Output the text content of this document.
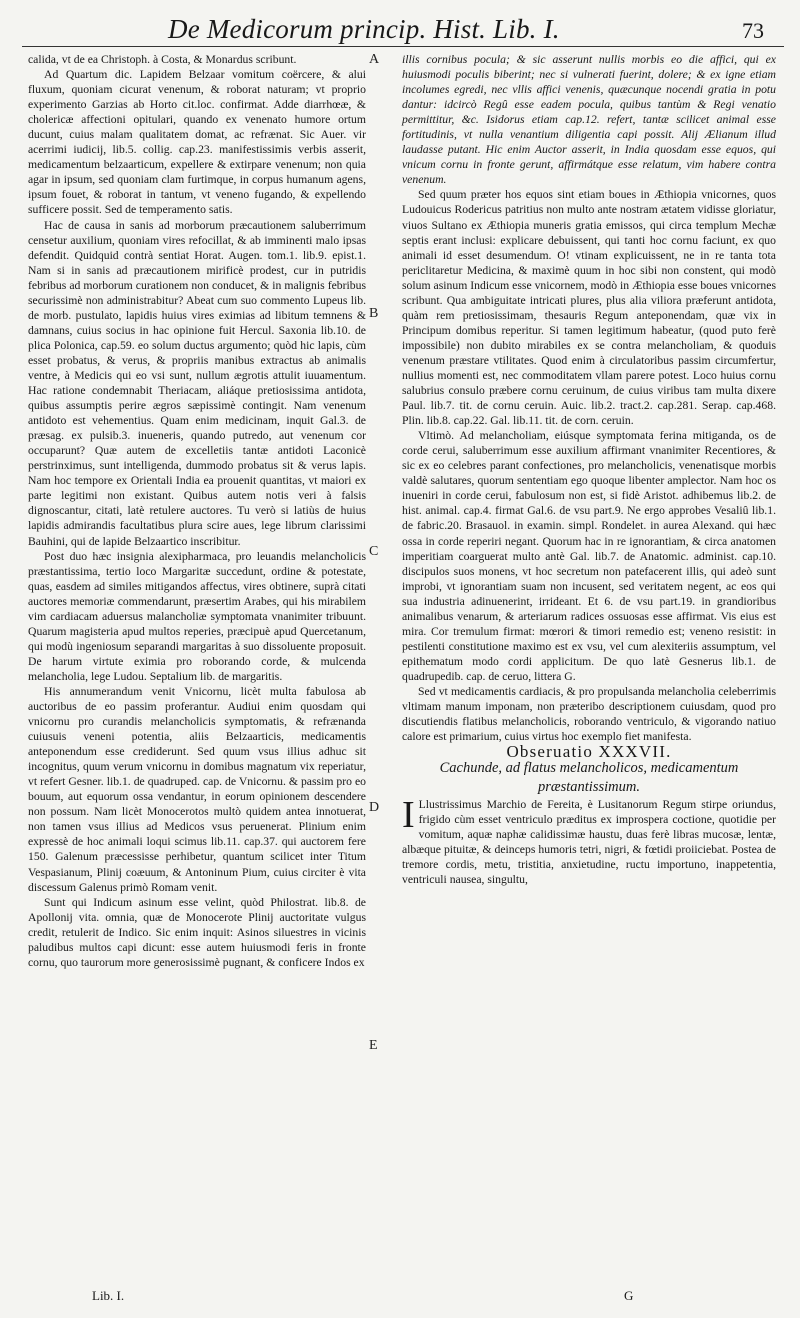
De Medicorum princip. Hist. Lib. I.	73

calida, vt de ea Christoph. à Costa, & Monardus scribunt.

Ad Quartum dic. Lapidem Belzaar vomitum coërcere, & alui fluxum, quoniam cicurat venenum, & roborat naturam; vt proprio experimento Garzias ab Horto cit.loc. confirmat. Adde diarrhœæ, & cholericæ affectioni opitulari, quando ex venenato humore ortum ducunt, cuius malam qualitatem domat, ac refrænat. Sic Auer. vir acerrimi iudicij, lib.5. collig. cap.23. manifestissimis verbis asserit, medicamentum belzaarticum, expellere & extirpare venenum; non quia agar in ipsum, sed quoniam clam furtimque, in corpus humanum agens, ipsum fouet, & roborat in tantum, vt veneno fugando, & expellendo sufficere possit. Sed de temperamento satis.

Hac de causa in sanis ad morborum præcautionem saluberrimum censetur auxilium, quoniam vires refocillat, & ab imminenti malo ipsas defendit. Quidquid contrà sentiat Horat. Augen. tom.1. lib.9. epist.1. Nam si in sanis ad præcautionem mirificè prodest, cur in putridis febribus ad morborum curationem non conducet, & in malignis febribus securissimè non administrabitur? Abeat cum suo commento Lupeus lib. de morb. pustulato, lapidis huius vires eximias ad libitum temnens & damnans, cuius socius in hac opinione fuit Hercul. Saxonia lib.10. de plica Polonica, cap.59. eo solum ductus argumento; quòd hic lapis, cùm esset probatus, & verus, & propriis manibus extractus ab animalis ventre, à Medicis qui eo vsi sunt, nullum ægrotis attulit iuuamentum. Hac ratione condemnabit Theriacam, aliáque pretiosissima antidota, quibus assumptis perire ægros sæpissimè contingit. Nam venenum antidoto est vehementius. Quam enim medicinam, inquit Gal.3. de præsag. ex pulsib.3. inueneris, quando putredo, aut venenum cor occuparunt? Quæ autem de excelletiis tantæ antidoti Laconicè perstrinximus, sunt intelligenda, dummodo probatus sit & verus lapis. Nam hoc tempore ex Orientali India ea prouenit quantitas, vt maiori ex parte legitimi non existant. Quibus autem notis veri à falsis dignoscantur, citati, latè retulere auctores. Tu verò si latiùs de huius lapidis admirandis facultatibus plura scire aues, lege librum clarissimi Bauhini, qui de lapide Belzaartico inscribitur.

Post duo hæc insignia alexipharmaca, pro leuandis melancholicis præstantissima, tertio loco Margaritæ succedunt, ordine & potestate, quas, easdem ad similes mitigandos affectus, vires obtinere, suprà citati auctores memoriæ commendarunt, præsertim Arabes, qui his mirabilem vim cardiacam aduersus malancholiæ symptomata vnanimiter tribuunt. Quarum magisteria apud multos reperies, præcipuè apud Quercetanum, qui modù ingeniosum separandi margaritas à suo dissoluente proposuit. De harum virtute eximia pro roborando corde, & mulcenda melancholia, lege Ludou. Septalium lib. de margaritis.

His annumerandum venit Vnicornu, licèt multa fabulosa ab auctoribus de eo passim proferantur. Audiui enim quosdam qui vnicornu pro curandis melancholicis symptomatis, & refrænanda cuiusuis veneni potentia, aliis Belzaarticis, medicamentis anteponendum esse crediderunt. Sed quum vsus illius adhuc sit incognitus, quum verum vnicornu in domibus magnatum vix reperiatur, vt refert Gesner. lib.1. de quadruped. cap. de Vnicornu. & passim pro eo bouum, aut equorum ossa vendantur, in eorum opinionem descendere non possum. Nam licèt Monocerotos multò quidem antea innotuerat, non tamen vsus illius ad Medicos vsus peruenerat. Plinium enim expressè de hoc animali loqui scimus lib.11. cap.37. qui auctorem fere 150. Galenum præcessisse perhibetur, quantum scilicet inter Titum Vespasianum, Plinij coæuum, & Antoninum Pium, cuius circiter è vita discessum Galenus primò Romam venit.

Sunt qui Indicum asinum esse velint, quòd Philostrat. lib.8. de Apollonij vita. omnia, quæ de Monocerote Plinij auctoritate vulgus credit, retulerit de Indico. Sic enim inquit: Asinos siluestres in vicinis paludibus multos capi dicunt: esse autem huiusmodi feris in fronte cornu, quo taurorum more generosissimè pugnant, & conficere Indos ex

A
B
C
D
E

illis cornibus pocula; & sic asserunt nullis morbis eo die affici, qui ex huiusmodi poculis biberint; nec si vulnerati fuerint, dolere; & ex igne etiam incolumes egredi, nec vllis affici venenis, quæcunque nocendi gratia in potu dantur: idcircò Regû esse eadem pocula, quibus tantùm & Regi venatio permittitur, &c. Isidorus etiam cap.12. refert, tantæ scilicet animal esse fortitudinis, vt nulla venantium diligentia capi possit. Alij Ælianum illud laudasse putant. Hic enim Auctor asserit, in India quosdam esse equos, qui vnicum cornu in fronte gerunt, affirmátque esse relatum, vim habere contra venenum.

Sed quum præter hos equos sint etiam boues in Æthiopia vnicornes, quos Ludouicus Rodericus patritius non multo ante nostram ætatem vidisse gloriatur, viuos Sultano ex Æthiopia muneris gratia emissos, qui circa templum Mechæ septis erant inclusi: explicare debuissent, qui tanti hoc cornu faciunt, ex quo animali id esset desumendum. O! vtinam explicuissent, ne in re tanta tota periclitaretur Medicina, & maximè quum in hoc sibi non constent, qui modò solum asinum Indicum esse vnicornem, modò in Æthiopia esse boues vnicornes scribunt. Qua ambiguitate intricati plures, plus alia viliora præferunt antidota, quàm rem pretiosissimam, thesauris Regum anteponendam, quæ vix in Principum domibus reperitur. Si tamen legitimum habeatur, (quod puto ferè impossibile) non dubito mirabiles ex se contra melancholiam, & quoduis venenum præstare vtilitates. Quod enim à circulatoribus passim circumfertur, nullius momenti est, nec commoditatem vllam parere potest. Loco huius cornu salubrius consulo præbere cornu ceruinum, de cuius viribus tam multa dixere Paul. lib.7. tit. de cornu ceruin. Auic. lib.2. tract.2. cap.281. Serap. cap.468. Plin. lib.8. cap.22. Gal. lib.11. tit. de corn. ceruin.

Vltimò. Ad melancholiam, eiúsque symptomata ferina mitiganda, os de corde cerui, saluberrimum esse auxilium affirmant vnanimiter Recentiores, & sic ex eo celebres parant confectiones, pro melancholicis, venenatisque morbis valdè salutares, quorum sententiam ego quoque libenter amplector. Nam hoc os inueniri in corde cerui, fabulosum non est, si fidè Aristot. adhibemus lib.2. de hist. animal. cap.4. firmat Gal.6. de vsu part.9. Ne ergo approbes Vesaliû lib.1. de fabric.20. Brasauol. in examin. simpl. Rondelet. in aurea Alexand. qui hæc ossa in corde reperiri negant. Quorum hac in re ignorantiam, & circa anatomen imperitiam coarguerat multo antè Gal. lib.7. de Anatomic. administ. cap.10. discipulos suos monens, vt hoc secretum non patefacerent illis, qui adeò sunt improbi, vt ignorantiam suam non incusent, sed veritatem negent, ac eos qui sua industria adinuenerint, irrideant. Et 6. de vsu part.19. in grandioribus animalibus venarum, & arteriarum radices ossuosas esse affirmat. Vis eius est mira. Cor tremulum firmat: mœrori & timori remedio est; veneno resistit: in pestilenti constitutione maximo est ex vsu, vel cum alexiteriis assumptum, vel epithematum modo cordi applicitum. De quo latè Gesnerus lib.1. de quadrupedib. cap. de ceruo, littera G.

Sed vt medicamentis cardiacis, & pro propulsanda melancholia celeberrimis vltimam manum imponam, non præteribo descriptionem cuiusdam, quod pro discutiendis flatibus melancholicis, roborando ventriculo, & vigorando natiuo calore est primarium, cuius virtus hoc exemplo fiet manifesta.

Obseruatio XXXVII.

Cachunde, ad flatus melancholicos, medicamentum præstantissimum.

I Llustrissimus Marchio de Fereita, è Lusitanorum Regum stirpe oriundus, frigido cùm esset ventriculo præditus ex improspera coctione, quotidie per vomitum, aquæ naphæ calidissimæ haustu, duas ferè libras mucosæ, lentæ, albæque pituitæ, & deinceps humoris tetri, nigri, & fœtidi proiiciebat. Postea de tremore cordis, metu, tristitia, anxietudine, ructu importuno, inappetentia, ventriculi nausea, singultu,

Lib. I.	G
